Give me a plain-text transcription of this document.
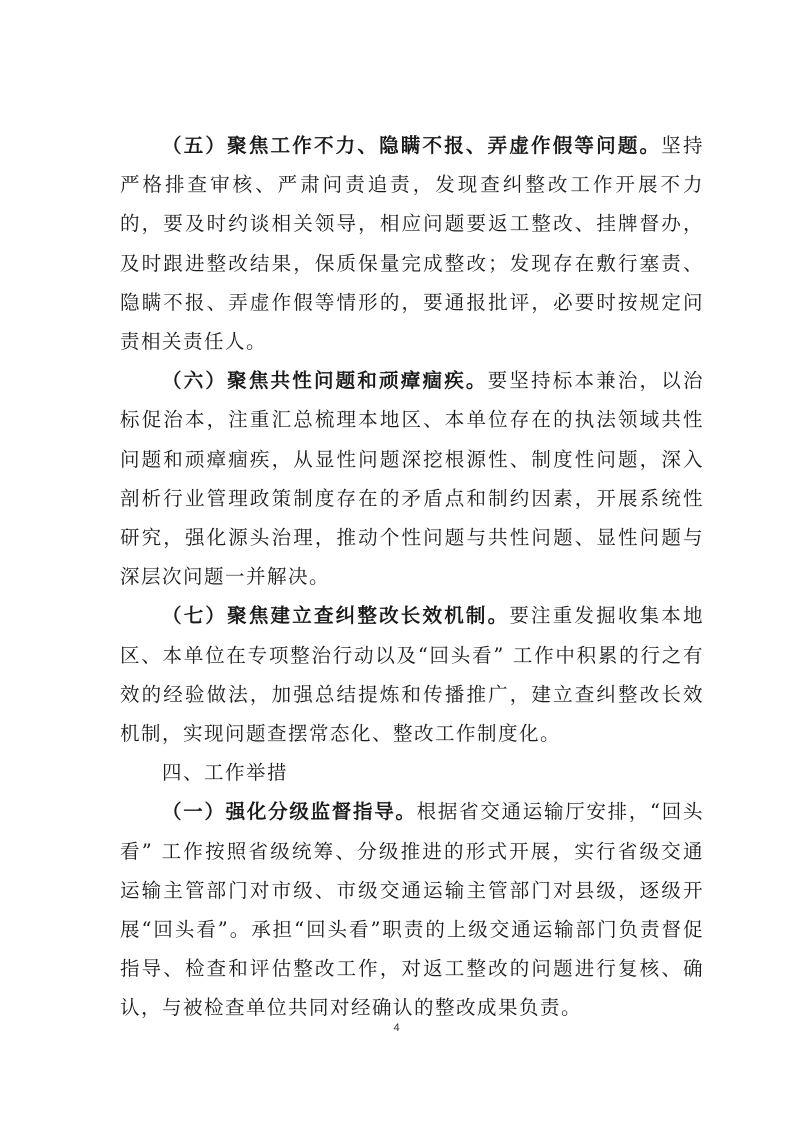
（五）聚焦工作不力、隐瞒不报、弄虚作假等问题。坚持严格排查审核、严肃问责追责，发现查纠整改工作开展不力的，要及时约谈相关领导，相应问题要返工整改、挂牌督办，及时跟进整改结果，保质保量完成整改；发现存在敷行塞责、 隐瞒不报、弄虚作假等情形的，要通报批评，必要时按规定问责相关责任人。

（六）聚焦共性问题和顽瘴痼疾。要坚持标本兼治，以治标促治本，注重汇总梳理本地区、本单位存在的执法领域共性问题和顽瘴痼疾，从显性问题深挖根源性、制度性问题，深入剖析行业管理政策制度存在的矛盾点和制约因素，开展系统性研究，强化源头治理，推动个性问题与共性问题、显性问题与深层次问题一并解决。

（七）聚焦建立查纠整改长效机制。要注重发掘收集本地区、本单位在专项整治行动以及“回头看” 工作中积累的行之有效的经验做法，加强总结提炼和传播推广，建立查纠整改长效机制，实现问题查摆常态化、整改工作制度化。

四、工作举措

（一）强化分级监督指导。根据省交通运输厅安排，“回头看” 工作按照省级统筹、分级推进的形式开展，实行省级交通运输主管部门对市级、市级交通运输主管部门对县级，逐级开展“回头看”。承担“回头看”职责的上级交通运输部门负责督促指导、检查和评估整改工作，对返工整改的问题进行复核、确认，与被检查单位共同对经确认的整改成果负责。

4
